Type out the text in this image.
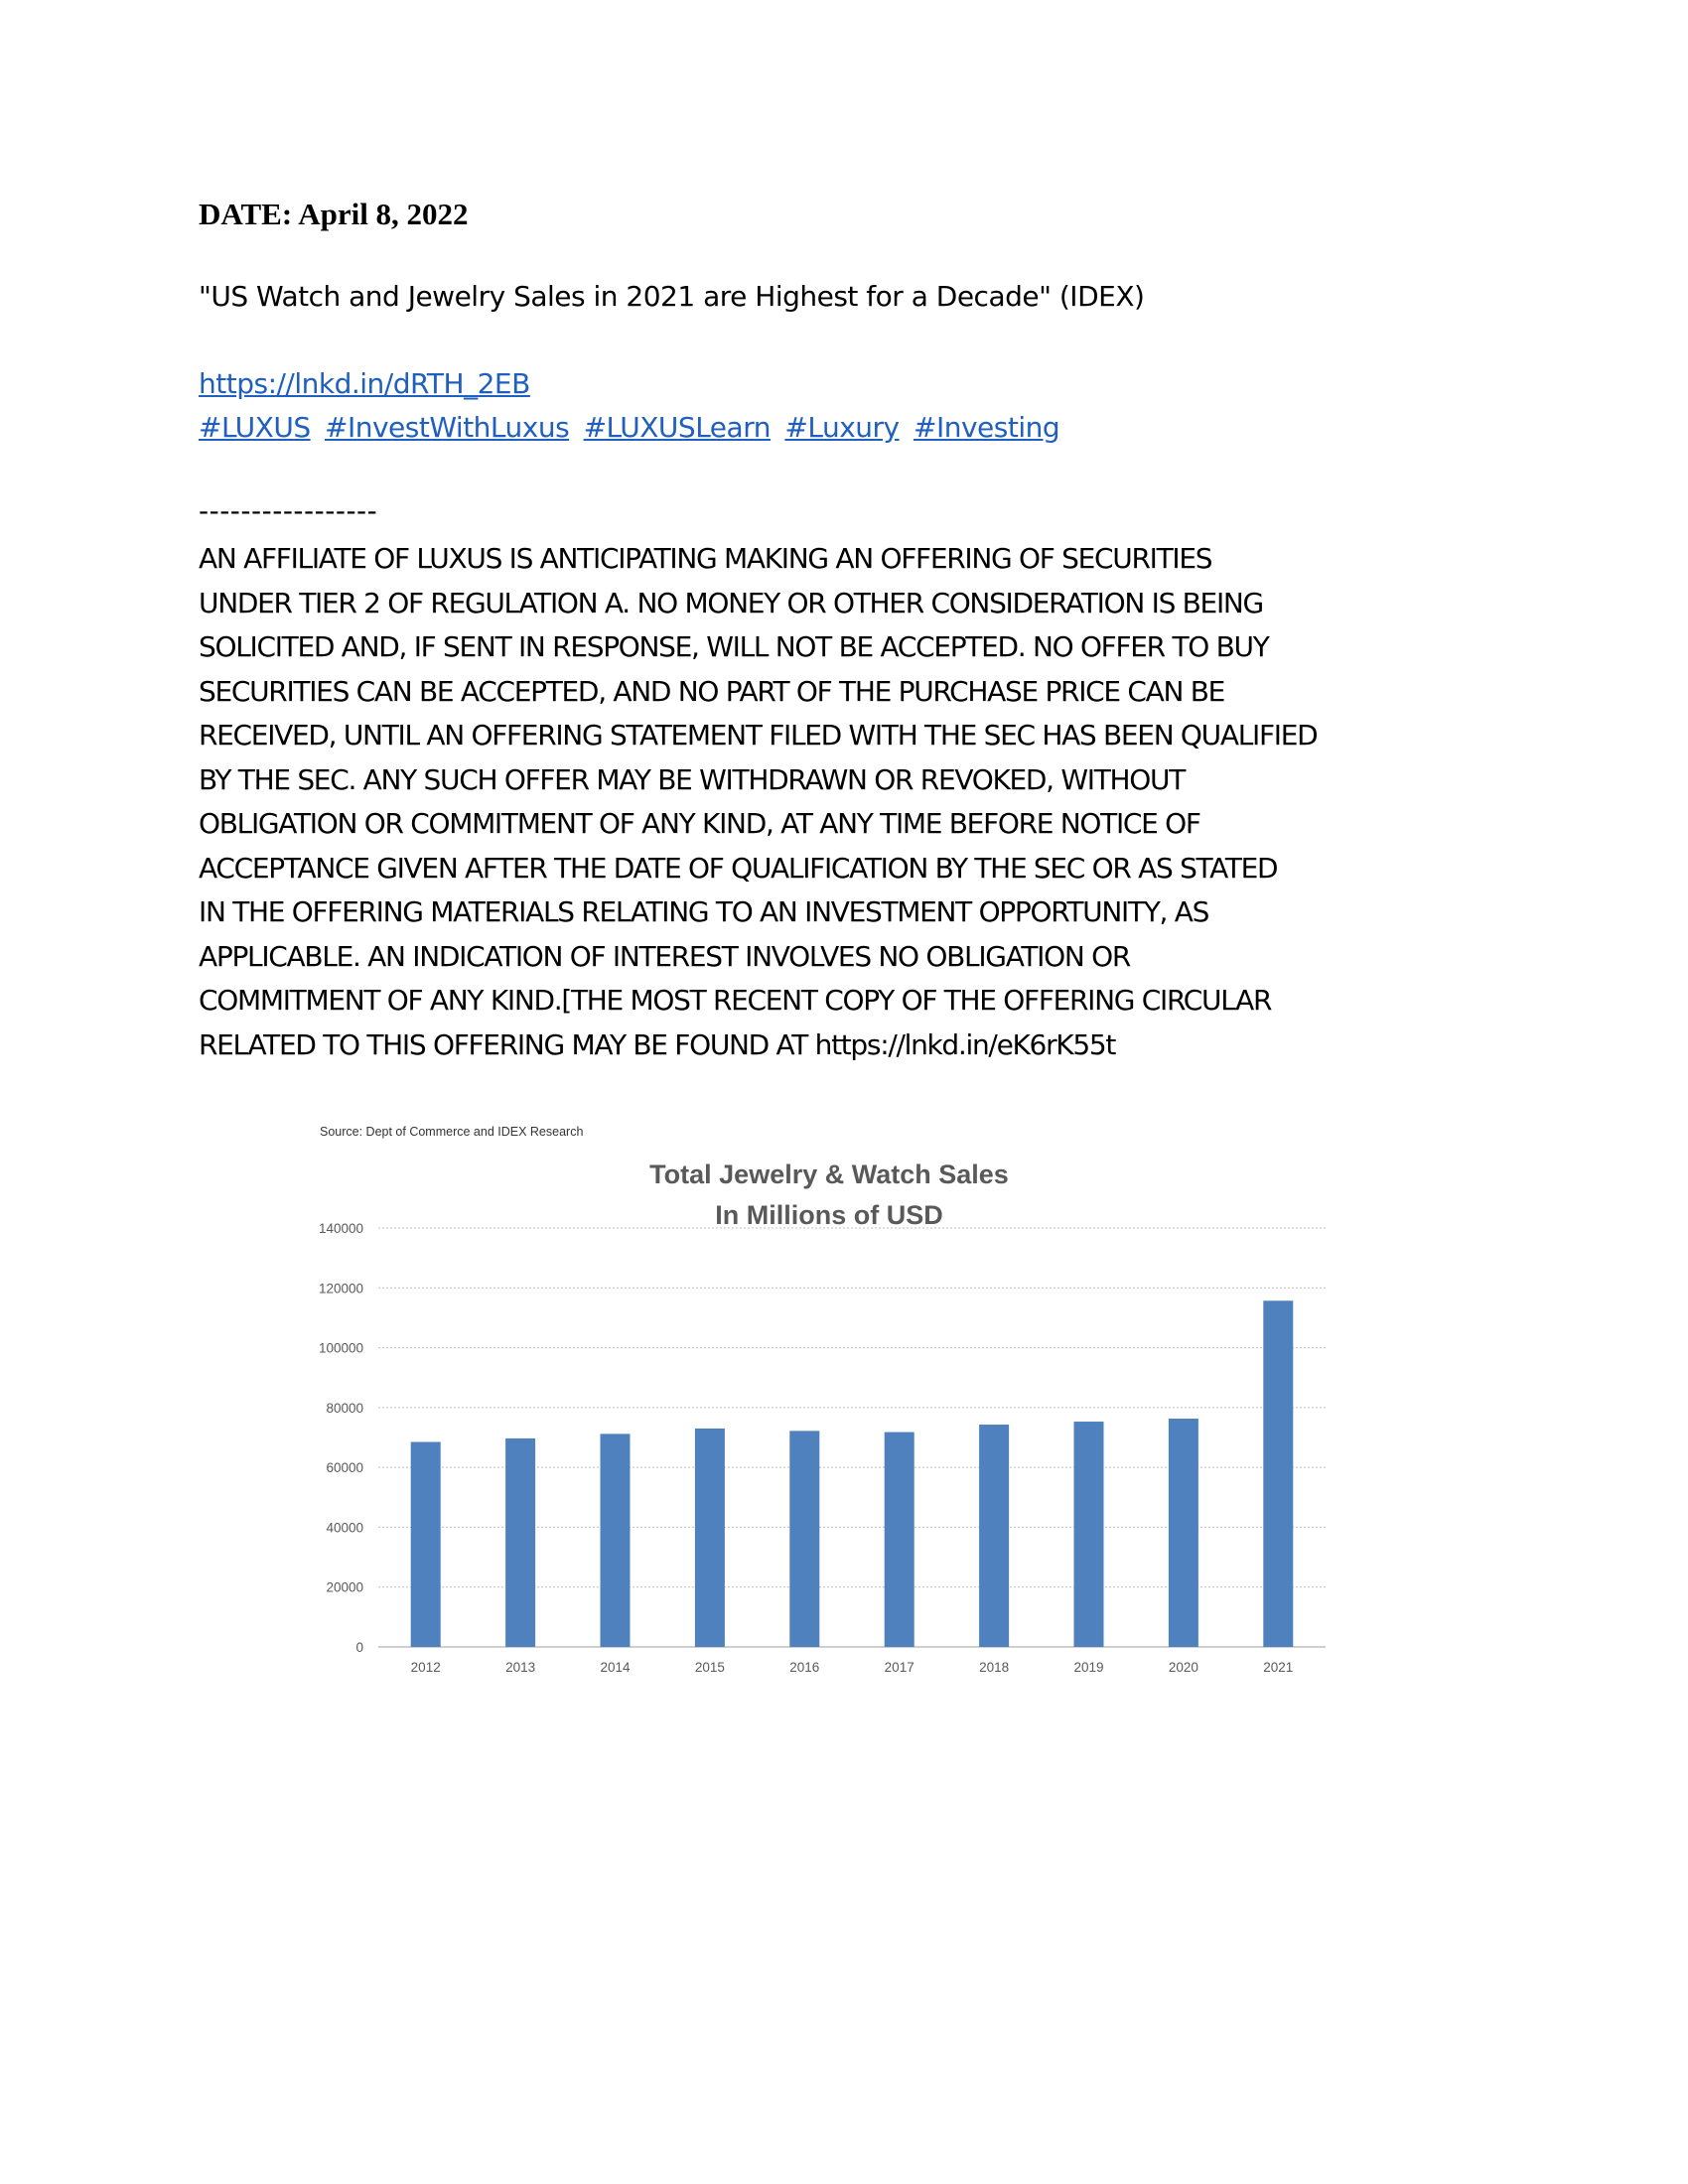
DATE: April 8, 2022
"US Watch and Jewelry Sales in 2021 are Highest for a Decade" (IDEX)
https://lnkd.in/dRTH_2EB
#LUXUS #InvestWithLuxus #LUXUSLearn #Luxury #Investing
-----------------
AN AFFILIATE OF LUXUS IS ANTICIPATING MAKING AN OFFERING OF SECURITIES
UNDER TIER 2 OF REGULATION A. NO MONEY OR OTHER CONSIDERATION IS BEING
SOLICITED AND, IF SENT IN RESPONSE, WILL NOT BE ACCEPTED. NO OFFER TO BUY
SECURITIES CAN BE ACCEPTED, AND NO PART OF THE PURCHASE PRICE CAN BE
RECEIVED, UNTIL AN OFFERING STATEMENT FILED WITH THE SEC HAS BEEN QUALIFIED
BY THE SEC. ANY SUCH OFFER MAY BE WITHDRAWN OR REVOKED, WITHOUT
OBLIGATION OR COMMITMENT OF ANY KIND, AT ANY TIME BEFORE NOTICE OF
ACCEPTANCE GIVEN AFTER THE DATE OF QUALIFICATION BY THE SEC OR AS STATED
IN THE OFFERING MATERIALS RELATING TO AN INVESTMENT OPPORTUNITY, AS
APPLICABLE. AN INDICATION OF INTEREST INVOLVES NO OBLIGATION OR
COMMITMENT OF ANY KIND.[THE MOST RECENT COPY OF THE OFFERING CIRCULAR
RELATED TO THIS OFFERING MAY BE FOUND AT https://lnkd.in/eK6rK55t
Source: Dept of Commerce and IDEX Research
Total Jewelry & Watch Sales
In Millions of USD
0
20000
40000
60000
80000
100000
120000
140000
2012	2013	2014	2015	2016	2017	2018	2019	2020	2021
